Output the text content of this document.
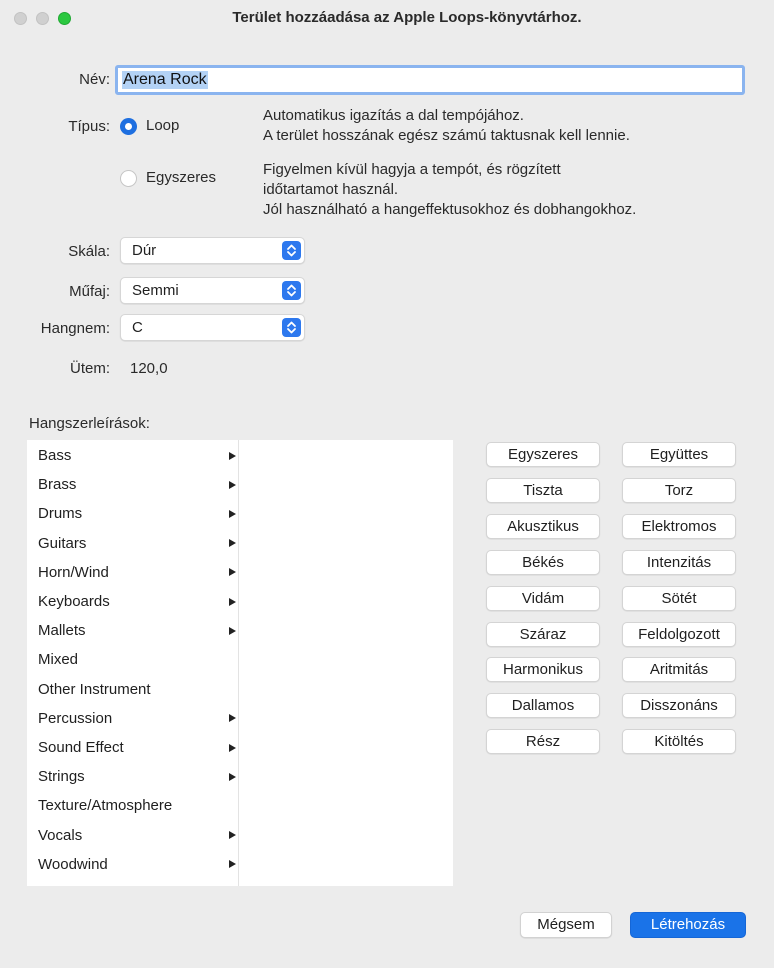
Terület hozzáadása az Apple Loops-könyvtárhoz.
Név: Arena Rock
Típus: Loop
Automatikus igazítás a dal tempójához.
A terület hosszának egész számú taktusnak kell lennie.
Egyszeres	Figyelmen kívül hagyja a tempót, és rögzített
időtartamot használ.
Jól használható a hangeffektusokhoz és dobhangokhoz.
Skála: Dúr
Műfaj: Semmi
Hangnem: C
Ütem: 120,0
Hangszerleírások:
Bass
Brass
Drums
Guitars
Horn/Wind
Keyboards
Mallets
Mixed
Other Instrument
Percussion
Sound Effect
Strings
Texture/Atmosphere
Vocals
Woodwind
Egyszeres	Együttes
Tiszta	Torz
Akusztikus	Elektromos
Békés	Intenzitás
Vidám	Sötét
Száraz	Feldolgozott
Harmonikus	Aritmitás
Dallamos	Disszonáns
Rész	Kitöltés
Mégsem	Létrehozás
